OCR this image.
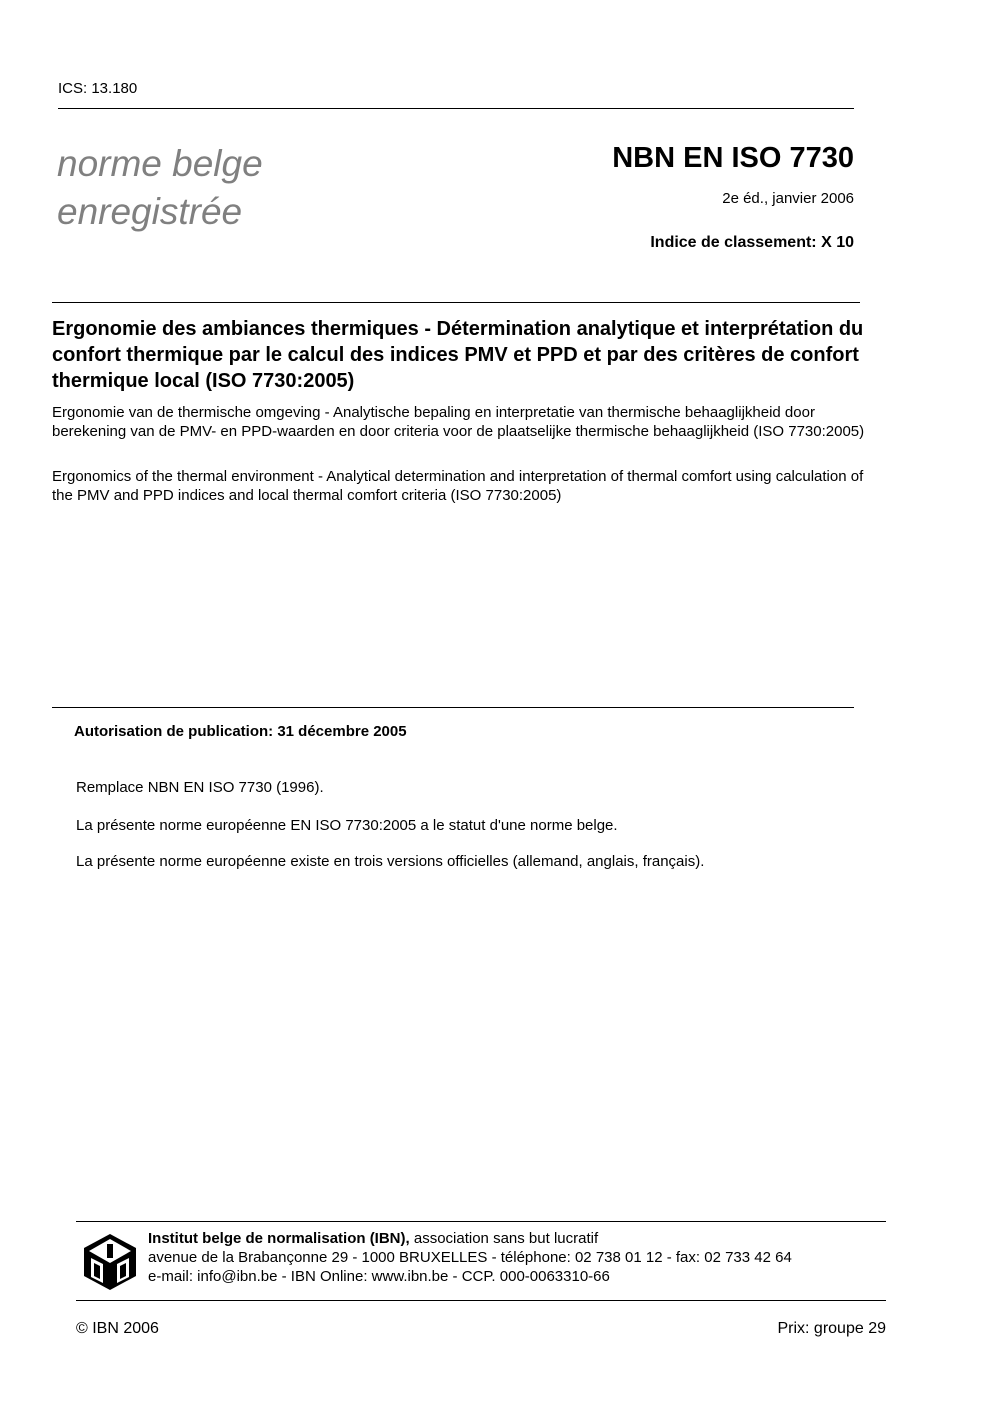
ICS: 13.180
norme belge
enregistrée
NBN EN ISO 7730
2e éd., janvier 2006
Indice de classement: X 10
Ergonomie des ambiances thermiques - Détermination analytique et interprétation du confort thermique par le calcul des indices PMV et PPD et par des critères de confort thermique local (ISO 7730:2005)
Ergonomie van de thermische omgeving - Analytische bepaling en interpretatie van thermische behaaglijkheid door berekening van de PMV- en PPD-waarden en door criteria voor de plaatselijke thermische behaaglijkheid (ISO 7730:2005)
Ergonomics of the thermal environment - Analytical determination and interpretation of thermal comfort using calculation of the PMV and PPD indices and local thermal comfort criteria (ISO 7730:2005)
Autorisation de publication: 31 décembre 2005
Remplace NBN EN ISO 7730 (1996).
La présente norme européenne EN ISO 7730:2005 a le statut d'une norme belge.
La présente norme européenne existe en trois versions officielles (allemand, anglais, français).
Institut belge de normalisation (IBN), association sans but lucratif
avenue de la Brabançonne 29 - 1000 BRUXELLES - téléphone: 02 738 01 12 - fax: 02 733 42 64
e-mail: info@ibn.be - IBN Online: www.ibn.be - CCP. 000-0063310-66
© IBN 2006	Prix: groupe 29
